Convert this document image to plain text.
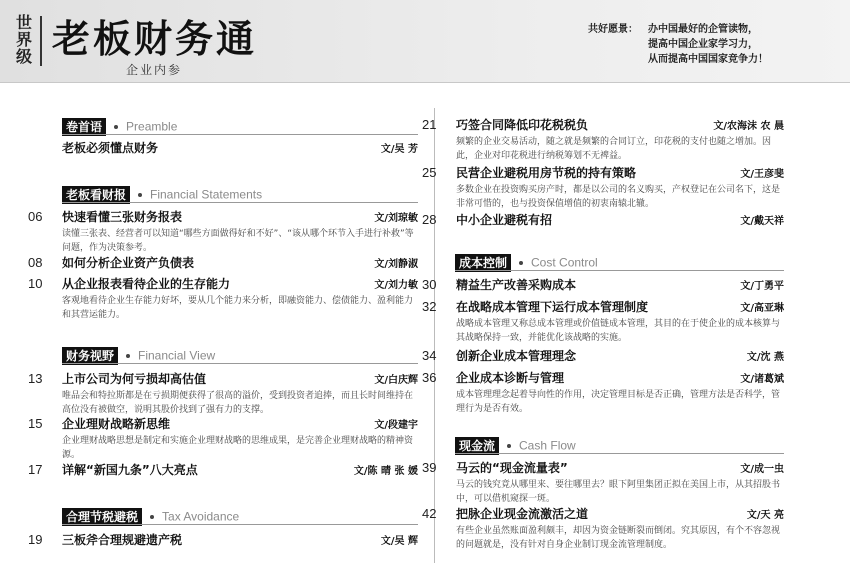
世界级 老板财务通
企业内参
共好愿景： 办中国最好的企管读物，
提高中国企业家学习力，
从而提高中国国家竞争力！
卷首语 Preamble
老板必须懂点财务	文/吴 芳
老板看财报 Financial Statements
06 快速看懂三张财务报表	文/刘琼敏
读懂三张表、经营者可以知道“哪些方面做得好和不好”、“该从哪个环节入手进行补救”等问题，作为决策参考。
08 如何分析企业资产负债表	文/刘静淑
10 从企业报表看待企业的生存能力	文/刘力敏
客观地看待企业生存能力好坏，要从几个能力来分析，即融资能力、偿债能力、盈利能力和其营运能力。
财务视野 Financial View
13 上市公司为何亏损却高估值	文/白庆辉
唯品会和特拉斯都是在亏损期便获得了很高的溢价，受到投资者追捧，而且长时间维持在高位没有被做空，说明其股价找到了强有力的支撑。
15 企业理财战略新思维	文/段建宇
企业理财战略思想是制定和实施企业理财战略的思维成果，是完善企业理财战略的精神资源。
17 详解“新国九条”八大亮点	文/陈 晴 张 媛
合理节税避税 Tax Avoidance
19 三板斧合理规避遗产税	文/吴 辉
21 巧签合同降低印花税税负	文/农海沫 农 晨
频繁的企业交易活动，随之就是频繁的合同订立，印花税的支付也随之增加。因此，企业对印花税进行纳税筹划不无裨益。
25 民营企业避税用房节税的持有策略	文/王彦斐
多数企业在投资购买房产时，都是以公司的名义购买，产权登记在公司名下，这是非常可惜的，也与投资保值增值的初衷南辕北辙。
28 中小企业避税有招	文/戴天祥
成本控制 Cost Control
30 精益生产改善采购成本	文/丁勇平
32 在战略成本管理下运行成本管理制度	文/高亚琳
战略成本管理又称总成本管理或价值链成本管理，其目的在于使企业的成本核算与其战略保持一致，并能优化该战略的实施。
34 创新企业成本管理理念	文/沈 燕
36 企业成本诊断与管理	文/诸葛斌
成本管理理念起着导向性的作用，决定管理目标是否正确，管理方法是否科学，管理行为是否有效。
现金流 Cash Flow
39 马云的“现金流量表”	文/成一虫
马云的钱究竟从哪里来、要往哪里去？眼下阿里集团正拟在美国上市，从其招股书中，可以借机窥探一斑。
42 把脉企业现金流激活之道	文/天 亮
有些企业虽然账面盈利颇丰，却因为资金链断裂而倒闭。究其原因，有个不容忽视的问题就是，没有针对自身企业制订现金流管理制度。
